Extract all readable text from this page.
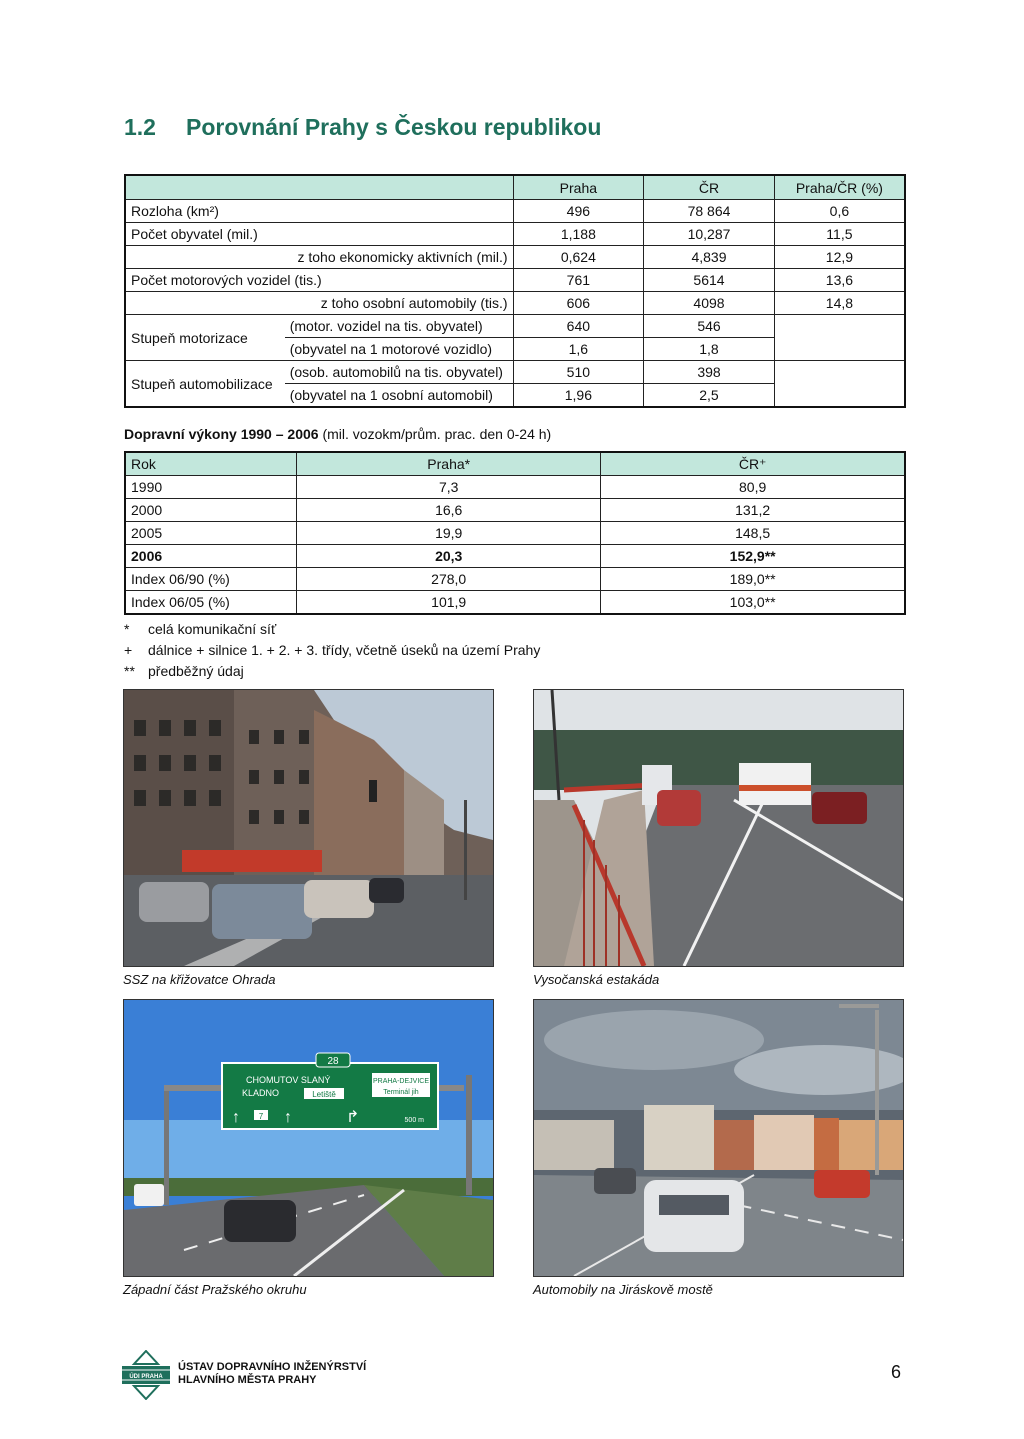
1.2 Porovnání Prahy s Českou republikou
		Praha	ČR	Praha/ČR (%)
Rozloha (km²)		496	78 864	0,6
Počet obyvatel (mil.)		1,188	10,287	11,5
z toho ekonomicky aktivních (mil.)		0,624	4,839	12,9
Počet motorových vozidel (tis.)		761	5614	13,6
z toho osobní automobily (tis.)		606	4098	14,8
Stupeň motorizace	(motor. vozidel na tis. obyvatel)	640	546	
	(obyvatel na 1 motorové vozidlo)	1,6	1,8	
Stupeň automobilizace	(osob. automobilů na tis. obyvatel)	510	398	
	(obyvatel na 1 osobní automobil)	1,96	2,5	
Dopravní výkony 1990 – 2006 (mil. vozokm/prům. prac. den 0-24 h)
Rok	Praha*	ČR⁺
1990	7,3	80,9
2000	16,6	131,2
2005	19,9	148,5
2006	20,3	152,9**
Index 06/90 (%)	278,0	189,0**
Index 06/05 (%)	101,9	103,0**
* celá komunikační síť
+ dálnice + silnice 1. + 2. + 3. třídy, včetně úseků na území Prahy
** předběžný údaj
SSZ na křižovatce Ohrada	Vysočanská estakáda
28
CHOMUTOV SLANÝ
KLADNO	Letiště
PRAHA-DEJVICE
Terminál jih
↑ 7 ↑	↱	500 m
Západní část Pražského okruhu	Automobily na Jiráskově mostě
ÚDI PRAHA
ÚSTAV DOPRAVNÍHO INŽENÝRSTVÍ
HLAVNÍHO MĚSTA PRAHY	6
